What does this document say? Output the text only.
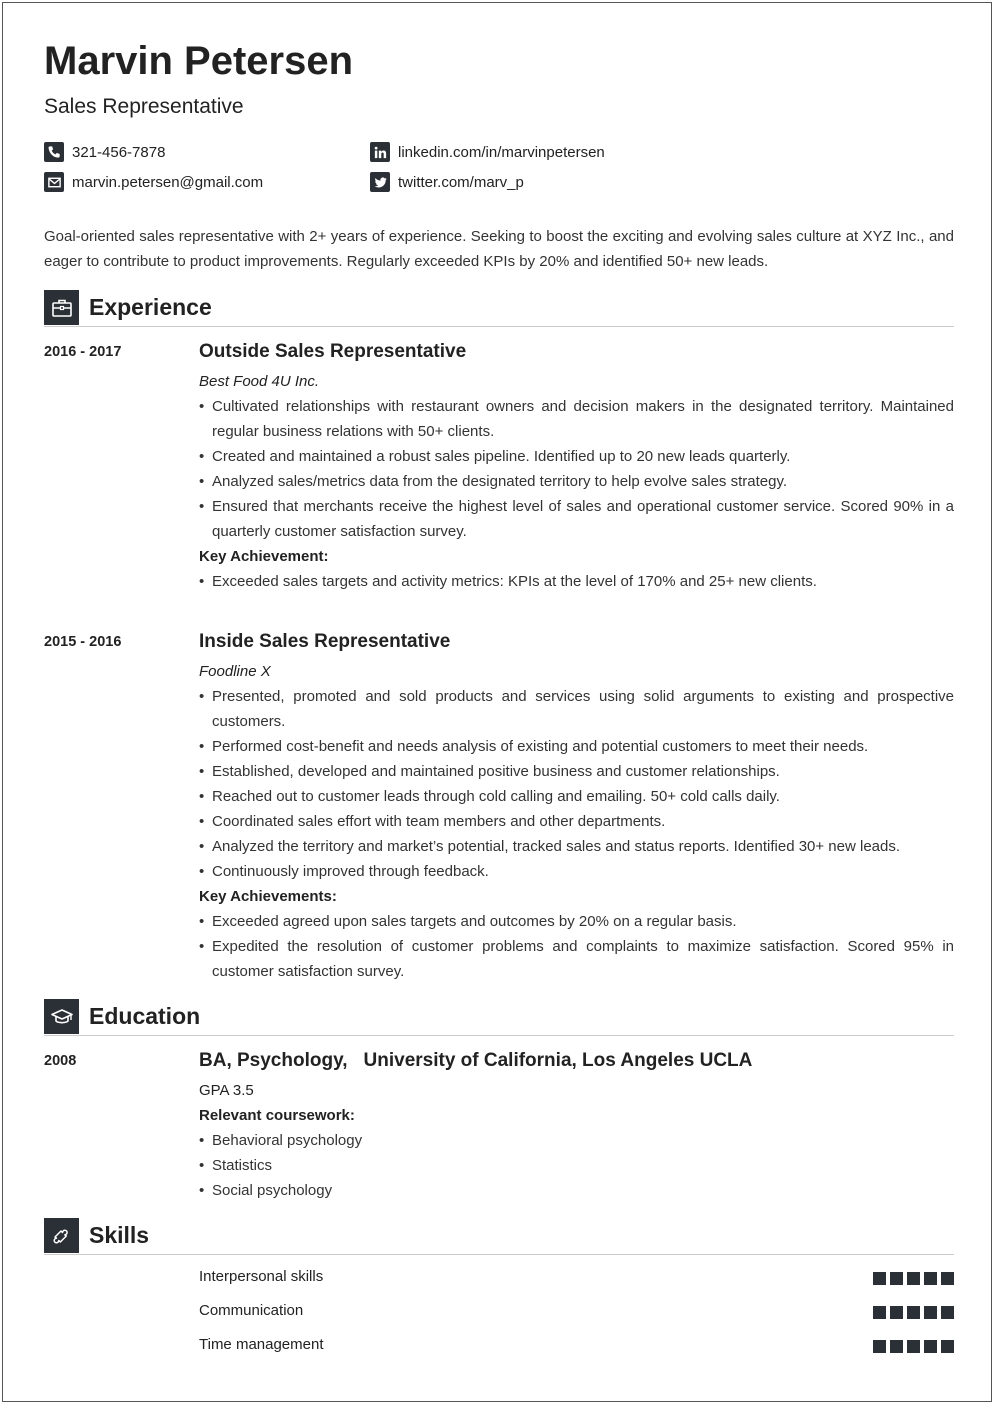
Marvin Petersen
Sales Representative
321-456-7878
marvin.petersen@gmail.com
linkedin.com/in/marvinpetersen
twitter.com/marv_p
Goal-oriented sales representative with 2+ years of experience. Seeking to boost the exciting and evolving sales culture at XYZ Inc., and eager to contribute to product improvements. Regularly exceeded KPIs by 20% and identified 50+ new leads.
Experience
2016 - 2017	Outside Sales Representative
Best Food 4U Inc.
• Cultivated relationships with restaurant owners and decision makers in the designated territory. Maintained regular business relations with 50+ clients.
• Created and maintained a robust sales pipeline. Identified up to 20 new leads quarterly.
• Analyzed sales/metrics data from the designated territory to help evolve sales strategy.
• Ensured that merchants receive the highest level of sales and operational customer service. Scored 90% in a quarterly customer satisfaction survey.
Key Achievement:
• Exceeded sales targets and activity metrics: KPIs at the level of 170% and 25+ new clients.
2015 - 2016	Inside Sales Representative
Foodline X
• Presented, promoted and sold products and services using solid arguments to existing and prospective customers.
• Performed cost-benefit and needs analysis of existing and potential customers to meet their needs.
• Established, developed and maintained positive business and customer relationships.
• Reached out to customer leads through cold calling and emailing. 50+ cold calls daily.
• Coordinated sales effort with team members and other departments.
• Analyzed the territory and market’s potential, tracked sales and status reports. Identified 30+ new leads.
• Continuously improved through feedback.
Key Achievements:
• Exceeded agreed upon sales targets and outcomes by 20% on a regular basis.
• Expedited the resolution of customer problems and complaints to maximize satisfaction. Scored 95% in customer satisfaction survey.
Education
2008	BA, Psychology, University of California, Los Angeles UCLA
GPA 3.5
Relevant coursework:
• Behavioral psychology
• Statistics
• Social psychology
Skills
Interpersonal skills
Communication
Time management
